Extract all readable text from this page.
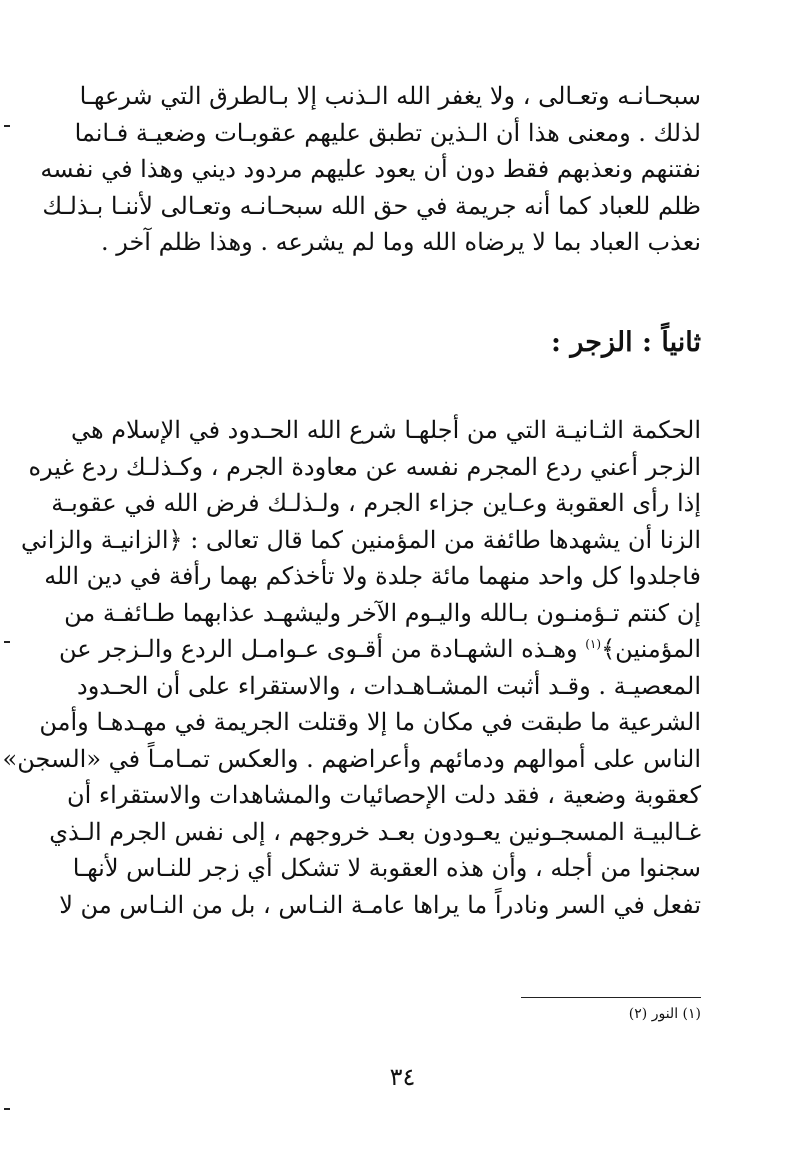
سبحـانـه وتعـالى ، ولا يغفر الله الـذنب إلا بـالطرق التي شرعهـا
لذلك . ومعنى هذا أن الـذين تطبق عليهم عقوبـات وضعيـة فـانما
نفتنهم ونعذبهم فقط دون أن يعود عليهم مردود ديني وهذا في نفسه
ظلم للعباد كما أنه جريمة في حق الله سبحـانـه وتعـالى لأننـا بـذلـك
نعذب العباد بما لا يرضاه الله وما لم يشرعه . وهذا ظلم آخر .
ثانياً : الزجر :
الحكمة الثـانيـة التي من أجلهـا شرع الله الحـدود في الإسلام هي
الزجر أعني ردع المجرم نفسه عن معاودة الجرم ، وكـذلـك ردع غيره
إذا رأى العقوبة وعـاين جزاء الجرم ، ولـذلـك فرض الله في عقوبـة
الزنا أن يشهدها طائفة من المؤمنين كما قال تعالى : ﴿الزانيـة والزاني
فاجلدوا كل واحد منهما مائة جلدة ولا تأخذكم بهما رأفة في دين الله
إن كنتم تـؤمنـون بـالله واليـوم الآخر وليشهـد عذابهما طـائفـة من
المؤمنين﴾$^{(١)}$ وهـذه الشهـادة من أقـوى عـوامـل الردع والـزجر عن
المعصيـة . وقـد أثبت المشـاهـدات ، والاستقراء على أن الحـدود
الشرعية ما طبقت في مكان ما إلا وقتلت الجريمة في مهـدهـا وأمن
الناس على أموالهم ودمائهم وأعراضهم . والعكس تمـامـاً في «السجن»
كعقوبة وضعية ، فقد دلت الإحصائيات والمشاهدات والاستقراء أن
غـالبيـة المسجـونين يعـودون بعـد خروجهم ، إلى نفس الجرم الـذي
سجنوا من أجله ، وأن هذه العقوبة لا تشكل أي زجر للنـاس لأنهـا
تفعل في السر ونادراً ما يراها عامـة النـاس ، بل من النـاس من لا
(١) النور (٢)
٣٤
